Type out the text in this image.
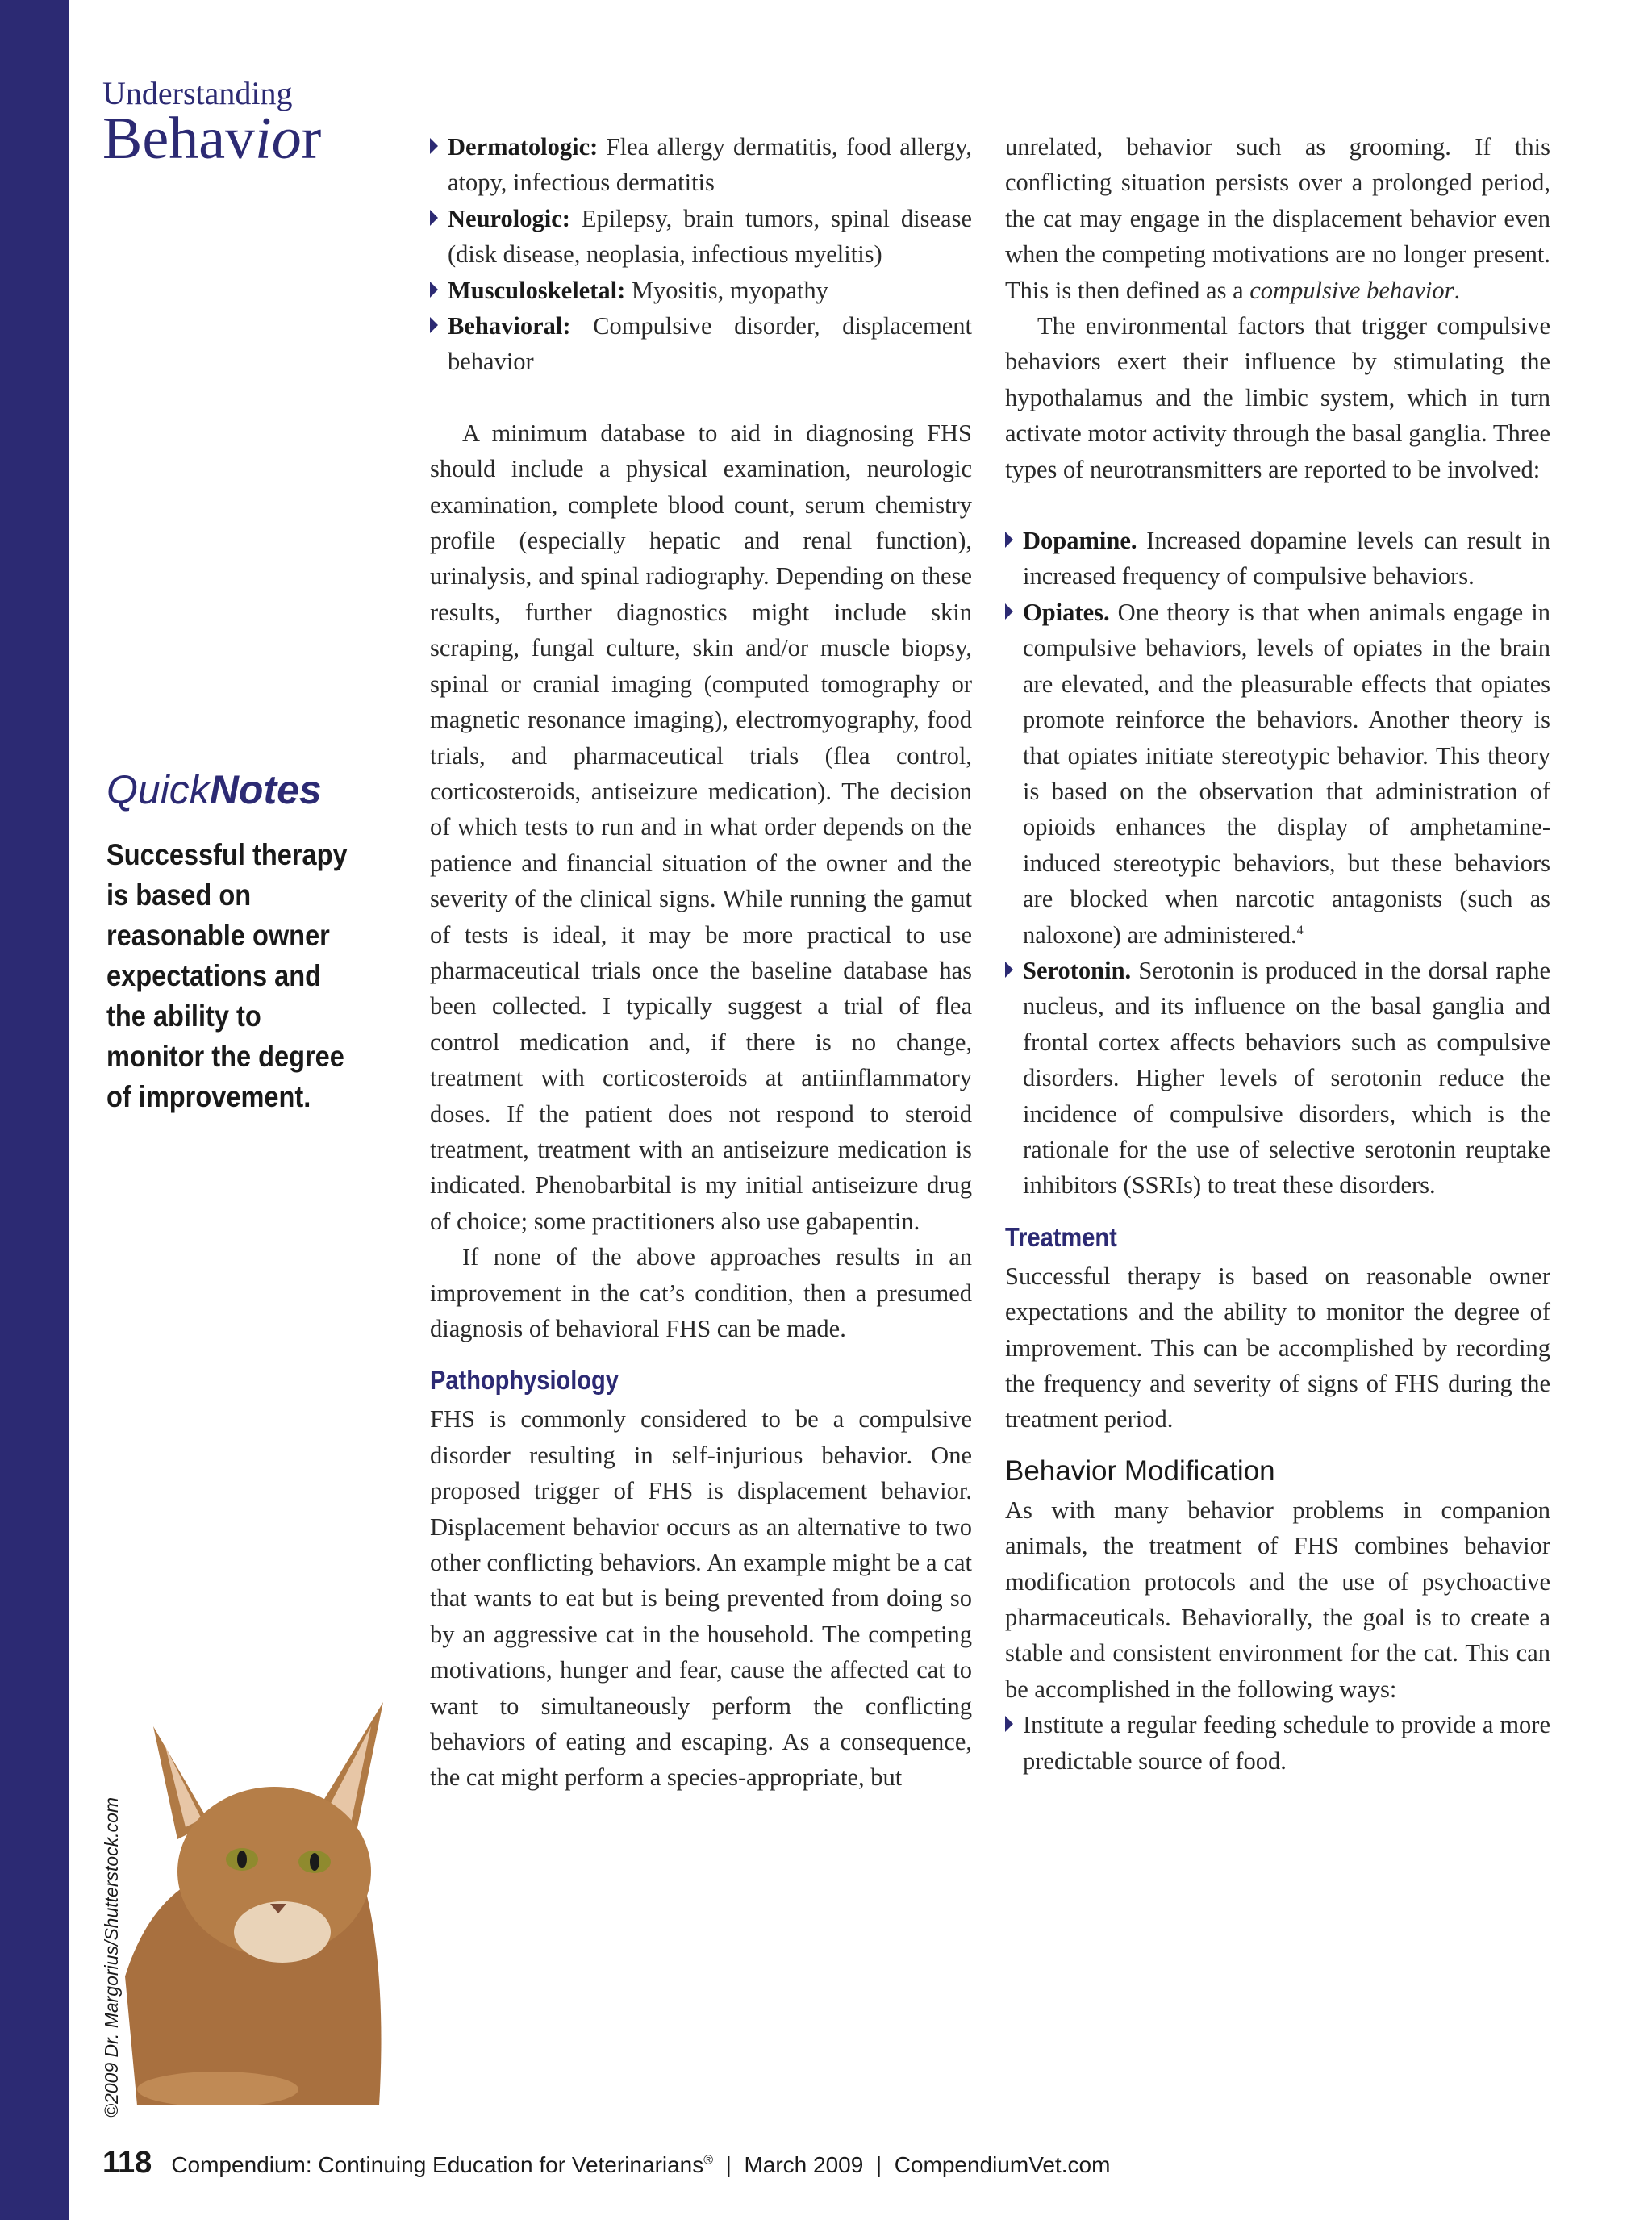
Understanding
Behavior
QuickNotes
Successful therapy is based on reasonable owner expectations and the ability to monitor the degree of improvement.
Dermatologic: Flea allergy dermatitis, food allergy, atopy, infectious dermatitis
Neurologic: Epilepsy, brain tumors, spinal disease (disk disease, neoplasia, infectious myelitis)
Musculoskeletal: Myositis, myopathy
Behavioral: Compulsive disorder, displacement behavior

A minimum database to aid in diagnosing FHS should include a physical examination, neurologic examination, complete blood count, serum chemistry profile (especially hepatic and renal function), urinalysis, and spinal radiography. Depending on these results, further diagnostics might include skin scraping, fungal culture, skin and/or muscle biopsy, spinal or cranial imaging (computed tomography or magnetic resonance imaging), electromyography, food trials, and pharmaceutical trials (flea control, corticosteroids, antiseizure medication). The decision of which tests to run and in what order depends on the patience and financial situation of the owner and the severity of the clinical signs. While running the gamut of tests is ideal, it may be more practical to use pharmaceutical trials once the baseline database has been collected. I typically suggest a trial of flea control medication and, if there is no change, treatment with corticosteroids at antiinflammatory doses. If the patient does not respond to steroid treatment, treatment with an antiseizure medication is indicated. Phenobarbital is my initial antiseizure drug of choice; some practitioners also use gabapentin.

If none of the above approaches results in an improvement in the cat’s condition, then a presumed diagnosis of behavioral FHS can be made.

Pathophysiology

FHS is commonly considered to be a compulsive disorder resulting in self-injurious behavior. One proposed trigger of FHS is displacement behavior. Displacement behavior occurs as an alternative to two other conflicting behaviors. An example might be a cat that wants to eat but is being prevented from doing so by an aggressive cat in the household. The competing motivations, hunger and fear, cause the affected cat to want to simultaneously perform the conflicting behaviors of eating and escaping. As a consequence, the cat might perform a species-appropriate, but

unrelated, behavior such as grooming. If this conflicting situation persists over a prolonged period, the cat may engage in the displacement behavior even when the competing motivations are no longer present. This is then defined as a compulsive behavior.

The environmental factors that trigger compulsive behaviors exert their influence by stimulating the hypothalamus and the limbic system, which in turn activate motor activity through the basal ganglia. Three types of neurotransmitters are reported to be involved:

Dopamine. Increased dopamine levels can result in increased frequency of compulsive behaviors.
Opiates. One theory is that when animals engage in compulsive behaviors, levels of opiates in the brain are elevated, and the pleasurable effects that opiates promote reinforce the behaviors. Another theory is that opiates initiate stereotypic behavior. This theory is based on the observation that administration of opioids enhances the display of amphetamine-induced stereotypic behaviors, but these behaviors are blocked when narcotic antagonists (such as naloxone) are administered.$^4$
Serotonin. Serotonin is produced in the dorsal raphe nucleus, and its influence on the basal ganglia and frontal cortex affects behaviors such as compulsive disorders. Higher levels of serotonin reduce the incidence of compulsive disorders, which is the rationale for the use of selective serotonin reuptake inhibitors (SSRIs) to treat these disorders.
Treatment

Successful therapy is based on reasonable owner expectations and the ability to monitor the degree of improvement. This can be accomplished by recording the frequency and severity of signs of FHS during the treatment period.

Behavior Modification

As with many behavior problems in companion animals, the treatment of FHS combines behavior modification protocols and the use of psychoactive pharmaceuticals. Behaviorally, the goal is to create a stable and consistent environment for the cat. This can be accomplished in the following ways:

Institute a regular feeding schedule to provide a more predictable source of food.
©2009 Dr. Margorius/Shutterstock.com
118 Compendium: Continuing Education for Veterinarians®  |  March 2009  |  CompendiumVet.com
